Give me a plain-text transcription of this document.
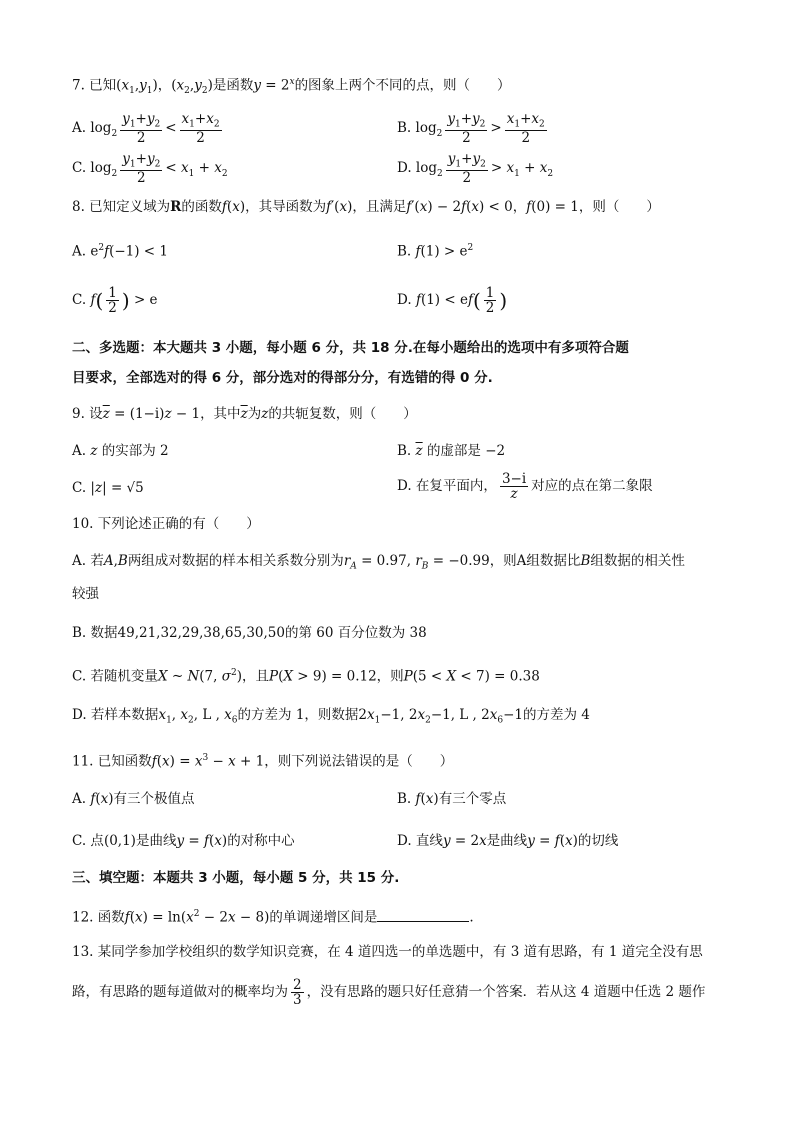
7. 已知$(x_1,y_1)$，$(x_2,y_2)$是函数$y = 2^x$的图象上两个不同的点，则（　　）
A. $\log_2 \frac{y_1+y_2}{2} < \frac{x_1+x_2}{2}$	B. $\log_2 \frac{y_1+y_2}{2} > \frac{x_1+x_2}{2}$
C. $\log_2 \frac{y_1+y_2}{2} < x_1 + x_2$	D. $\log_2 \frac{y_1+y_2}{2} > x_1 + x_2$
8. 已知定义域为R的函数f(x)，其导函数为f′(x)，且满足f′(x) − 2f(x) < 0，f(0) = 1，则（　　）
A. $e^2f(-1) < 1$	B. $f(1) > e^2$
C. $f( \frac{1}{2}$ ) > e	D. $f(1) < ef( \frac{1}{2}$ )
二、多选题：本大题共 3 小题，每小题 6 分，共 18 分.在每小题给出的选项中有多项符合题
目要求，全部选对的得 6 分，部分选对的得部分分，有选错的得 0 分.
9. 设$\overline{z} = (1-i)z - 1$，其中$\overline{z}$为z的共轭复数，则（　　）
A. z 的实部为 2	B. $\overline{z}$ 的虚部是 −2
C. |z| = √5	D. 在复平面内， $\frac{3-i}{z}$ 对应的点在第二象限
10. 下列论述正确的有（　　）
A. 若A,B两组成对数据的样本相关系数分别为$r_A = 0.97$, $r_B = -0.99$，则A组数据比B组数据的相关性
较强
B. 数据49,21,32,29,38,65,30,50的第 60 百分位数为 38
C. 若随机变量X ~ N(7, $\sigma^2$)，且P(X > 9) = 0.12，则P(5 < X < 7) = 0.38
D. 若样本数据$x_1$, $x_2$, L , $x_6$的方差为 1，则数据$2x_1-1$, $2x_2-1$, L , $2x_6-1$的方差为 4
11. 已知函数$f(x) = x^3 - x + 1$，则下列说法错误的是（　　）
A. f(x)有三个极值点	B. f(x)有三个零点
C. 点(0,1)是曲线y = f(x)的对称中心	D. 直线y = 2x是曲线y = f(x)的切线
三、填空题：本题共 3 小题，每小题 5 分，共 15 分.
12. 函数$f(x) = \ln(x^2 - 2x - 8)$的单调递增区间是	.
13. 某同学参加学校组织的数学知识竞赛，在 4 道四选一的单选题中，有 3 道有思路，有 1 道完全没有思
路，有思路的题每道做对的概率均为 $\frac{2}{3}$ ，没有思路的题只好任意猜一个答案．若从这 4 道题中任选 2 题作
